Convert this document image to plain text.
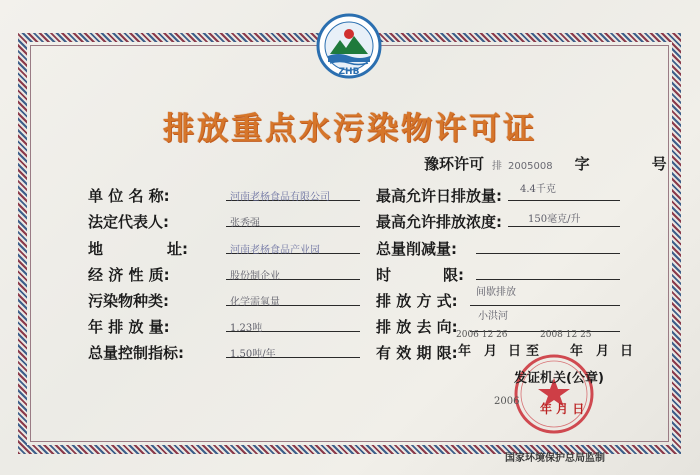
ZHB
排放重点水污染物许可证
豫环许可 排 2005008 字	号
单 位 名 称:	河南老杨食品有限公司
法定代表人:	张秀强
地	址:	河南老杨食品产业园
经 济 性 质:	股份制企业
污染物种类:	化学需氧量
年 排 放 量:	1.23吨
总量控制指标:	1.50吨/年
最高允许日排放量: 4.4千克
最高允许排放浓度:	150毫克/升
总量削减量:
时	限:
排 放 方 式: 间歇排放
排 放 去 向:
小洪河
有 效 期 限:
2006 12 26	2008 12 25
年 月 日 至 年 月 日
发证机关(公章)
2006
年 月 日
国家环境保护总局监制
